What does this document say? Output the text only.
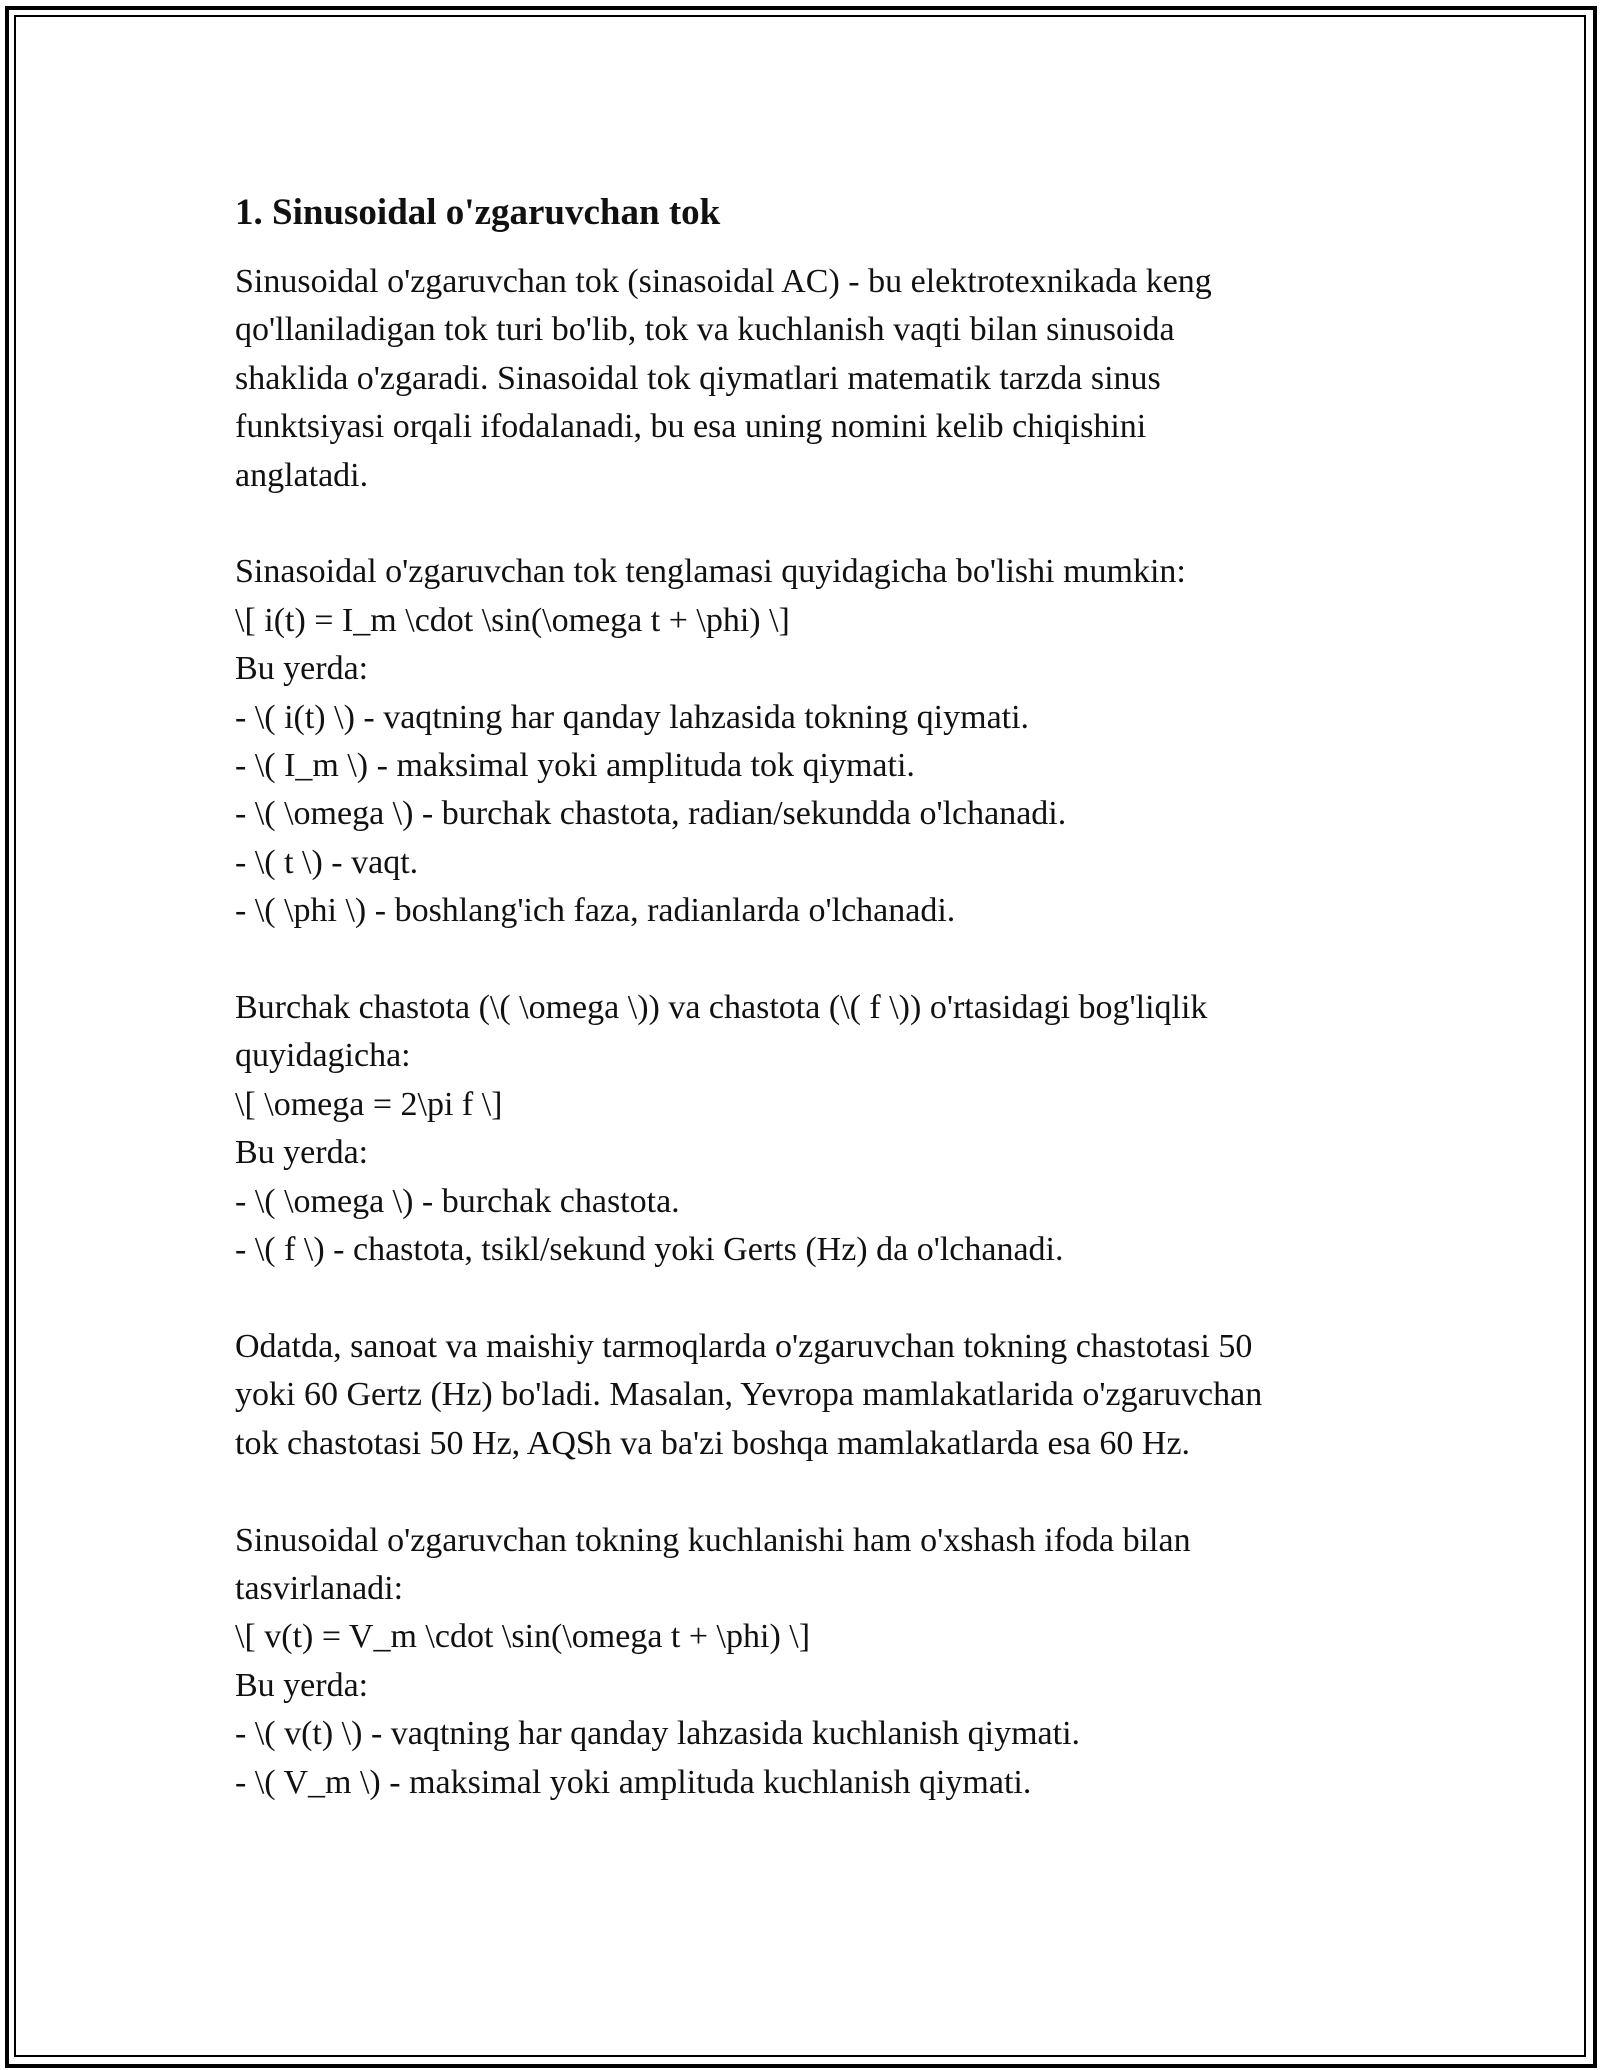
1. Sinusoidal o'zgaruvchan tok
Sinusoidal o'zgaruvchan tok (sinasoidal AC) - bu elektrotexnikada keng
qo'llaniladigan tok turi bo'lib, tok va kuchlanish vaqti bilan sinusoida
shaklida o'zgaradi. Sinasoidal tok qiymatlari matematik tarzda sinus
funktsiyasi orqali ifodalanadi, bu esa uning nomini kelib chiqishini
anglatadi.
Sinasoidal o'zgaruvchan tok tenglamasi quyidagicha bo'lishi mumkin:
\[ i(t) = I_m \cdot \sin(\omega t + \phi) \]
Bu yerda:
- \( i(t) \) - vaqtning har qanday lahzasida tokning qiymati.
- \( I_m \) - maksimal yoki amplituda tok qiymati.
- \( \omega \) - burchak chastota, radian/sekundda o'lchanadi.
- \( t \) - vaqt.
- \( \phi \) - boshlang'ich faza, radianlarda o'lchanadi.
Burchak chastota (\( \omega \)) va chastota (\( f \)) o'rtasidagi bog'liqlik
quyidagicha:
\[ \omega = 2\pi f \]
Bu yerda:
- \( \omega \) - burchak chastota.
- \( f \) - chastota, tsikl/sekund yoki Gerts (Hz) da o'lchanadi.
Odatda, sanoat va maishiy tarmoqlarda o'zgaruvchan tokning chastotasi 50
yoki 60 Gertz (Hz) bo'ladi. Masalan, Yevropa mamlakatlarida o'zgaruvchan
tok chastotasi 50 Hz, AQSh va ba'zi boshqa mamlakatlarda esa 60 Hz.
Sinusoidal o'zgaruvchan tokning kuchlanishi ham o'xshash ifoda bilan
tasvirlanadi:
\[ v(t) = V_m \cdot \sin(\omega t + \phi) \]
Bu yerda:
- \( v(t) \) - vaqtning har qanday lahzasida kuchlanish qiymati.
- \( V_m \) - maksimal yoki amplituda kuchlanish qiymati.
